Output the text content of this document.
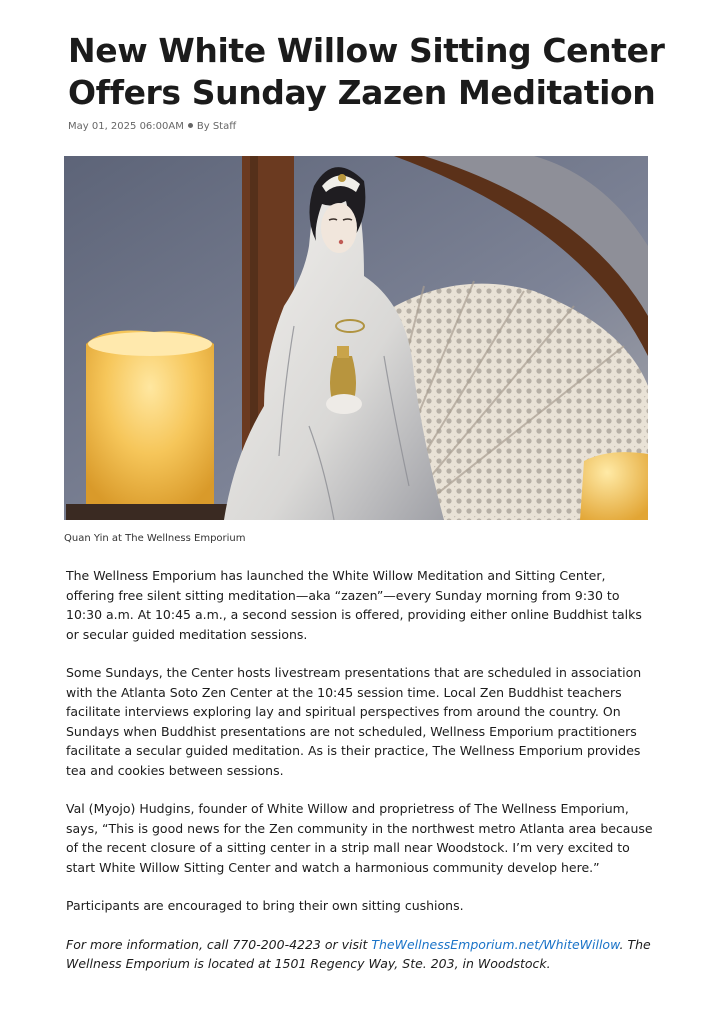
New White Willow Sitting Center Offers Sunday Zazen Meditation
May 01, 2025 06:00AM By Staff
Quan Yin at The Wellness Emporium

The Wellness Emporium has launched the White Willow Meditation and Sitting Center, offering free silent sitting meditation—aka “zazen”—every Sunday morning from 9:30 to 10:30 a.m. At 10:45 a.m., a second session is offered, providing either online Buddhist talks or secular guided meditation sessions.

Some Sundays, the Center hosts livestream presentations that are scheduled in association with the Atlanta Soto Zen Center at the 10:45 session time. Local Zen Buddhist teachers facilitate interviews exploring lay and spiritual perspectives from around the country. On Sundays when Buddhist presentations are not scheduled, Wellness Emporium practitioners facilitate a secular guided meditation. As is their practice, The Wellness Emporium provides tea and cookies between sessions.

Val (Myojo) Hudgins, founder of White Willow and proprietress of The Wellness Emporium, says, “This is good news for the Zen community in the northwest metro Atlanta area because of the recent closure of a sitting center in a strip mall near Woodstock. I’m very excited to start White Willow Sitting Center and watch a harmonious community develop here.”

Participants are encouraged to bring their own sitting cushions.

For more information, call 770-200-4223 or visit TheWellnessEmporium.net/WhiteWillow. The Wellness Emporium is located at 1501 Regency Way, Ste. 203, in Woodstock.
